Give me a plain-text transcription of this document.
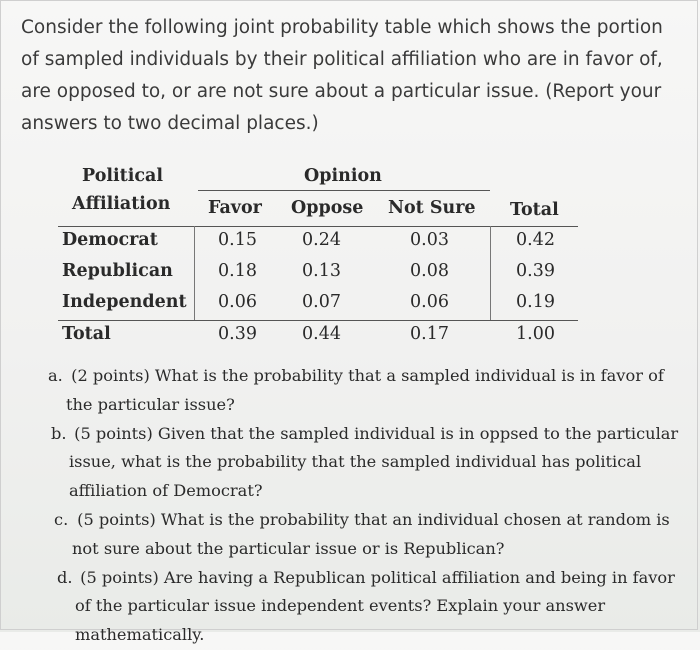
Consider the following joint probability table which shows the portion of sampled individuals by their political affiliation who are in favor of, are opposed to, or are not sure about a particular issue. (Report your answers to two decimal places.)

Political
Affiliation
Opinion
Favor Oppose Not Sure Total
Democrat	0.15	0.24	0.03	0.42
Republican	0.18	0.13	0.08	0.39
Independent 0.06	0.07	0.06	0.19
Total	0.39	0.44	0.17	1.00

a. (2 points) What is the probability that a sampled individual is in favor of the particular issue?

b. (5 points) Given that the sampled individual is in oppsed to the particular issue, what is the probability that the sampled individual has political affiliation of Democrat?

c. (5 points) What is the probability that an individual chosen at random is not sure about the particular issue or is Republican?

d. (5 points) Are having a Republican political affiliation and being in favor of the particular issue independent events? Explain your answer mathematically.
